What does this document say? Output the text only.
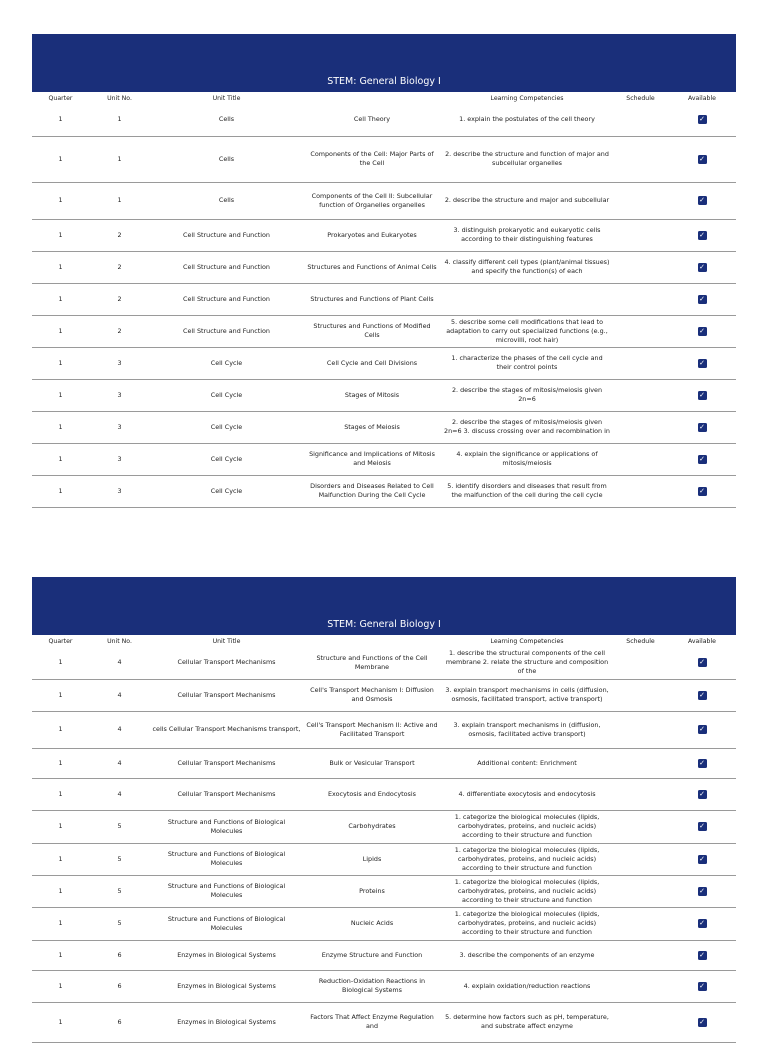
STEM: General Biology I
Quarter	Unit No.	Unit Title		Learning Competencies	Schedule	Available
1	1	Cells	Cell Theory	1. explain the postulates of the cell theory		✓
1	1	Cells	Components of the Cell: Major Parts of the Cell	2. describe the structure and function of major and subcellular organelles		✓
1	1	Cells	Components of the Cell II: Subcellular function of Organelles organelles	2. describe the structure and major and subcellular		✓
1	2	Cell Structure and Function	Prokaryotes and Eukaryotes	3. distinguish prokaryotic and eukaryotic cells according to their distinguishing features		✓
1	2	Cell Structure and Function	Structures and Functions of Animal Cells	4. classify different cell types (plant/animal tissues) and specify the function(s) of each		✓
1	2	Cell Structure and Function	Structures and Functions of Plant Cells			✓
1	2	Cell Structure and Function	Structures and Functions of Modified Cells	5. describe some cell modifications that lead to adaptation to carry out specialized functions (e.g., microvilli, root hair)		✓
1	3	Cell Cycle	Cell Cycle and Cell Divisions	1. characterize the phases of the cell cycle and their control points		✓
1	3	Cell Cycle	Stages of Mitosis	2. describe the stages of mitosis/meiosis given 2n=6		✓
1	3	Cell Cycle	Stages of Meiosis	2. describe the stages of mitosis/meiosis given 2n=6 3. discuss crossing over and recombination in		✓
1	3	Cell Cycle	Significance and Implications of Mitosis and Meiosis	4. explain the significance or applications of mitosis/meiosis		✓
1	3	Cell Cycle	Disorders and Diseases Related to Cell Malfunction During the Cell Cycle	5. identify disorders and diseases that result from the malfunction of the cell during the cell cycle		✓
STEM: General Biology I
Quarter	Unit No.	Unit Title		Learning Competencies	Schedule	Available
1	4	Cellular Transport Mechanisms	Structure and Functions of the Cell Membrane	1. describe the structural components of the cell membrane 2. relate the structure and composition of the		✓
1	4	Cellular Transport Mechanisms	Cell's Transport Mechanism I: Diffusion and Osmosis	3. explain transport mechanisms in cells (diffusion, osmosis, facilitated transport, active transport)		✓
1	4	cells Cellular Transport Mechanisms transport,	Cell's Transport Mechanism II: Active and Facilitated Transport	3. explain transport mechanisms in (diffusion, osmosis, facilitated active transport)		✓
1	4	Cellular Transport Mechanisms	Bulk or Vesicular Transport	Additional content: Enrichment		✓
1	4	Cellular Transport Mechanisms	Exocytosis and Endocytosis	4. differentiate exocytosis and endocytosis		✓
1	5	Structure and Functions of Biological Molecules	Carbohydrates	1. categorize the biological molecules (lipids, carbohydrates, proteins, and nucleic acids) according to their structure and function		✓
1	5	Structure and Functions of Biological Molecules	Lipids	1. categorize the biological molecules (lipids, carbohydrates, proteins, and nucleic acids) according to their structure and function		✓
1	5	Structure and Functions of Biological Molecules	Proteins	1. categorize the biological molecules (lipids, carbohydrates, proteins, and nucleic acids) according to their structure and function		✓
1	5	Structure and Functions of Biological Molecules	Nucleic Acids	1. categorize the biological molecules (lipids, carbohydrates, proteins, and nucleic acids) according to their structure and function		✓
1	6	Enzymes in Biological Systems	Enzyme Structure and Function	3. describe the components of an enzyme		✓
1	6	Enzymes in Biological Systems	Reduction-Oxidation Reactions in Biological Systems	4. explain oxidation/reduction reactions		✓
1	6	Enzymes in Biological Systems	Factors That Affect Enzyme Regulation and	5. determine how factors such as pH, temperature, and substrate affect enzyme		✓
